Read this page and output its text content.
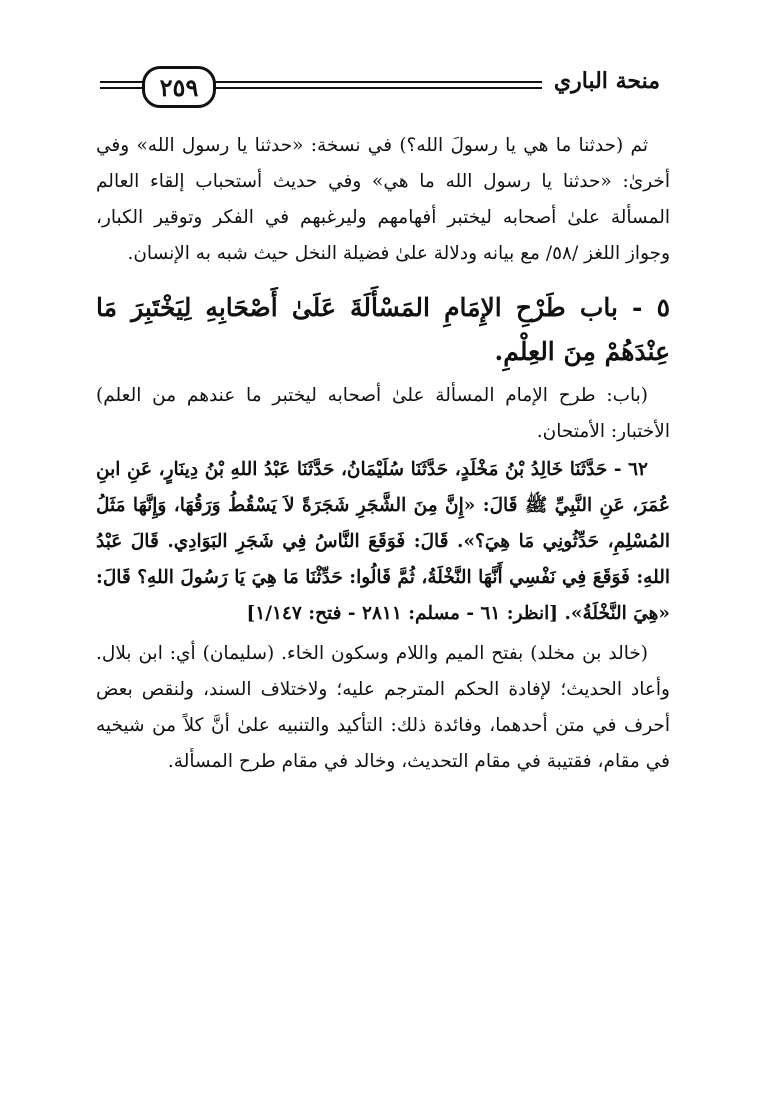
٢٥٩	منحة الباري

ثم (حدثنا ما هي يا رسولَ الله؟) في نسخة: «حدثنا يا رسول الله» وفي أخرىٰ: «حدثنا يا رسول الله ما هي» وفي حديث أستحباب إلقاء العالم المسألة علىٰ أصحابه ليختبر أفهامهم وليرغبهم في الفكر وتوقير الكبار، وجواز اللغز /٥٨/ مع بيانه ودلالة علىٰ فضيلة النخل حيث شبه به الإنسان.

٥ - باب طَرْحِ الإِمَامِ المَسْأَلَةَ عَلَىٰ أَصْحَابِهِ لِيَخْتَبِرَ مَا عِنْدَهُمْ مِنَ العِلْمِ.

(باب: طرح الإمام المسألة علىٰ أصحابه ليختبر ما عندهم من العلم) الأختبار: الأمتحان.

٦٢ - حَدَّثَنَا خَالِدُ بْنُ مَخْلَدٍ، حَدَّثَنَا سُلَيْمَانُ، حَدَّثَنَا عَبْدُ اللهِ بْنُ دِينَارٍ، عَنِ ابنِ عُمَرَ، عَنِ النَّبِيِّ ﷺ قَالَ: «إِنَّ مِنَ الشَّجَرِ شَجَرَةً لاَ يَسْقُطُ وَرَقُهَا، وَإِنَّهَا مَثَلُ المُسْلِمِ، حَدِّثُونِي مَا هِيَ؟». قَالَ: فَوَقَعَ النَّاسُ فِي شَجَرِ البَوَادِي. قَالَ عَبْدُ اللهِ: فَوَقَعَ فِي نَفْسِي أَنَّهَا النَّخْلَةُ، ثُمَّ قَالُوا: حَدِّثْنَا مَا هِيَ يَا رَسُولَ اللهِ؟ قَالَ: «هِيَ النَّخْلَةُ». [انظر: ٦١ - مسلم: ٢٨١١ - فتح: ١/١٤٧]

(خالد بن مخلد) بفتح الميم واللام وسكون الخاء. (سليمان) أي: ابن بلال. وأعاد الحديث؛ لإفادة الحكم المترجم عليه؛ ولاختلاف السند، ولنقص بعض أحرف في متن أحدهما، وفائدة ذلك: التأكيد والتنبيه علىٰ أنَّ كلاً من شيخيه في مقام، فقتيبة في مقام التحديث، وخالد في مقام طرح المسألة.
